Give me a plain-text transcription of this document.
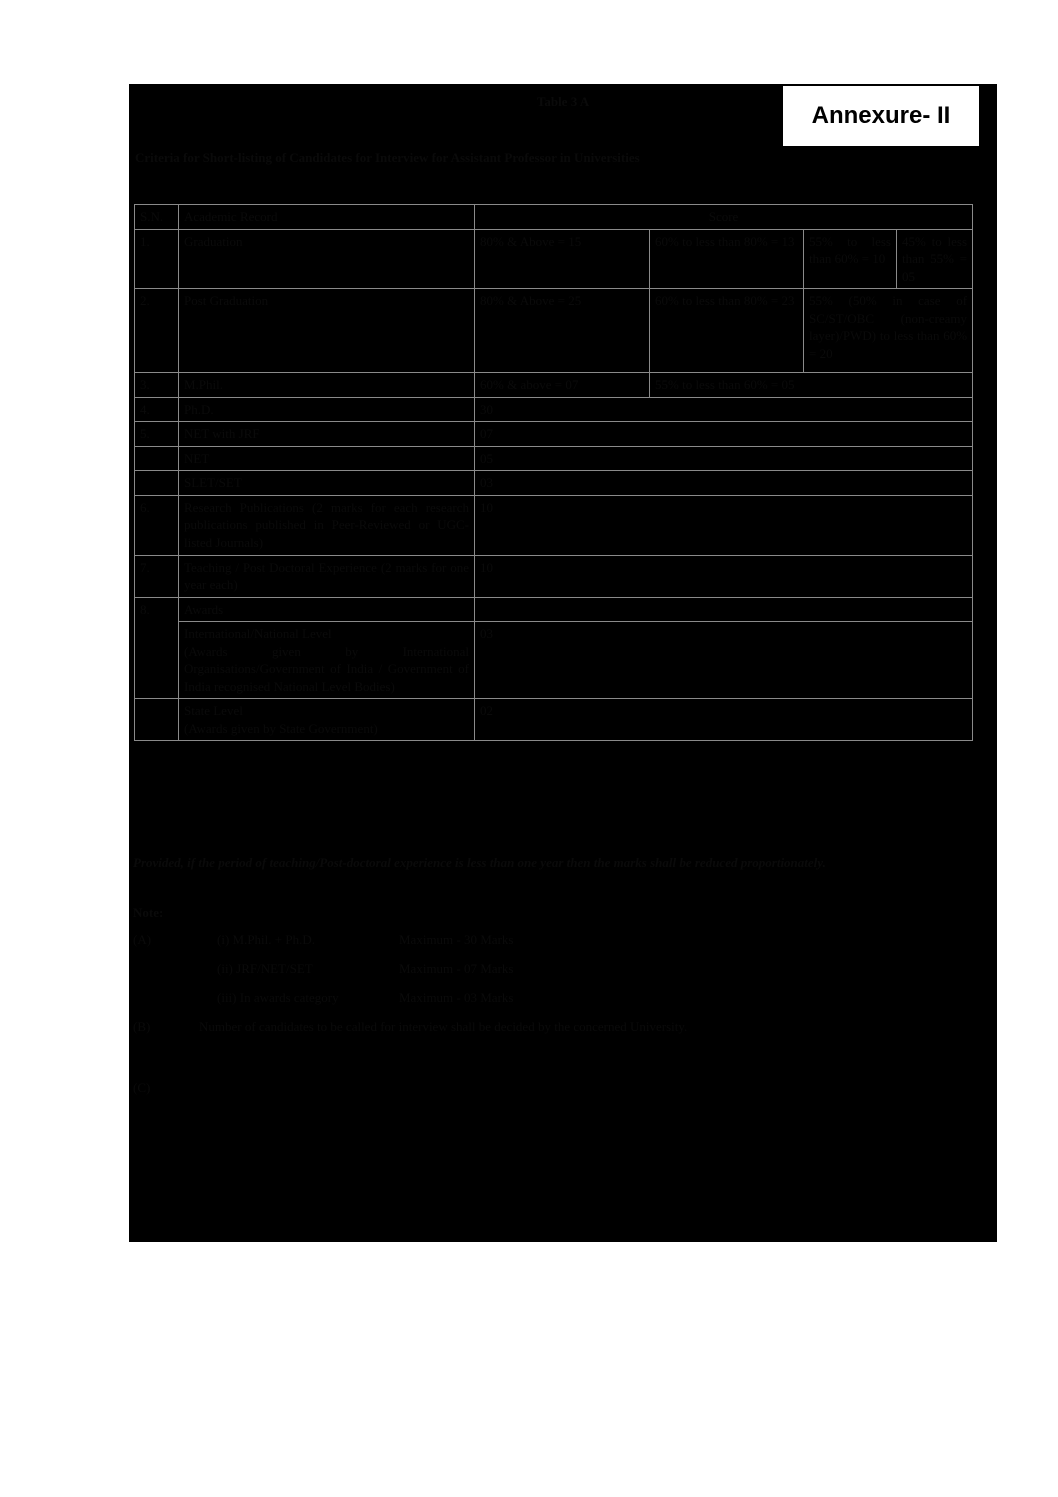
Annexure- II
Table 3 A
Criteria for Short-listing of Candidates for Interview for Assistant Professor in Universities
S.N.	Academic Record	Score			
1.	Graduation	80% & Above = 15	60% to less than 80% = 13	55% to less than 60% = 10	45% to less than 55% = 05
2.	Post Graduation	80% & Above = 25	60% to less than 80% = 23	55% (50% in case of SC/ST/OBC (non-creamy layer)/PWD) to less than 60% = 20	
3.	M.Phil.	60% & above = 07	55% to less than 60% = 05		
4.	Ph.D.	30			
5.	NET with JRF	07			
	NET	05			
	SLET/SET	03			
6.	Research Publications (2 marks for each research publications published in Peer-Reviewed or UGC-listed Journals)	10			
7.	Teaching / Post Doctoral Experience (2 marks for one year each)	10			
8.	Awards				

	International/National Level
(Awards given by International Organisations/Government of India / Government of India recognised National Level Bodies)	03			

	State Level
(Awards given by State Government)	02			
Provided, if the period of teaching/Post-doctoral experience is less than one year then the marks shall be reduced proportionately.
Note:
(A)	(i) M.Phil. + Ph.D.	Maximum - 30 Marks
(ii) JRF/NET/SET	Maximum - 07 Marks
(iii) In awards category	Maximum - 03 Marks
(B)	Number of candidates to be called for interview shall be decided by the concerned University.
(C)
